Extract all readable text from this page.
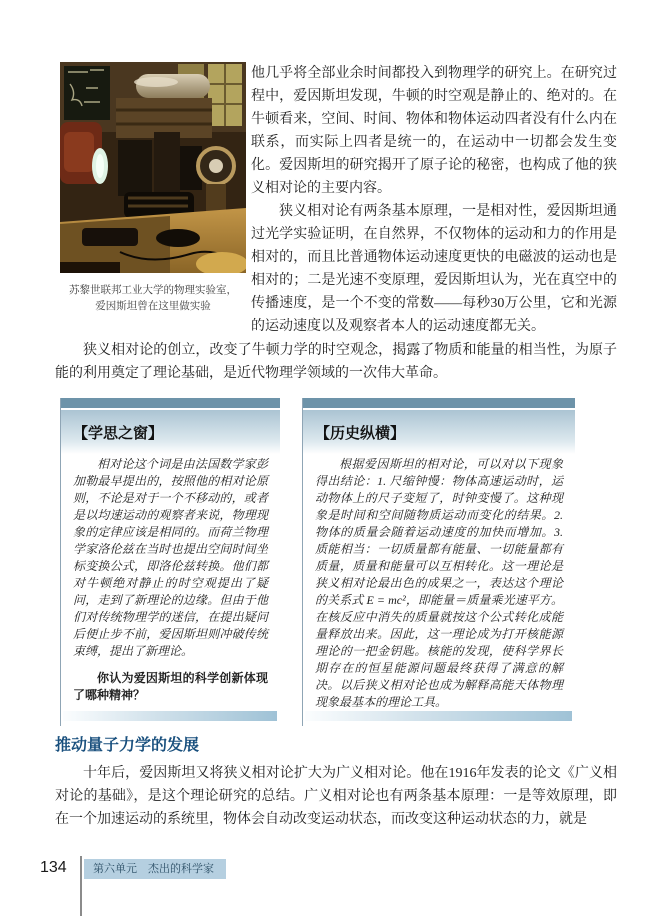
苏黎世联邦工业大学的物理实验室，
爱因斯坦曾在这里做实验

他几乎将全部业余时间都投入到物理学的研究上。在研究过程中，爱因斯坦发现，牛顿的时空观是静止的、绝对的。在牛顿看来，空间、时间、物体和物体运动四者没有什么内在联系，而实际上四者是统一的，在运动中一切都会发生变化。爱因斯坦的研究揭开了原子论的秘密，也构成了他的狭义相对论的主要内容。

狭义相对论有两条基本原理，一是相对性，爱因斯坦通过光学实验证明，在自然界，不仅物体的运动和力的作用是相对的，而且比普通物体运动速度更快的电磁波的运动也是相对的；二是光速不变原理，爱因斯坦认为，光在真空中的传播速度，是一个不变的常数——每秒30万公里，它和光源的运动速度以及观察者本人的运动速度都无关。

狭义相对论的创立，改变了牛顿力学的时空观念，揭露了物质和能量的相当性，为原子能的利用奠定了理论基础，是近代物理学领域的一次伟大革命。

【学思之窗】

相对论这个词是由法国数学家彭加勒最早提出的，按照他的相对论原则，不论是对于一个不移动的，或者是以均速运动的观察者来说，物理现象的定律应该是相同的。而荷兰物理学家洛伦兹在当时也提出空间时间坐标变换公式，即洛伦兹转换。他们都对牛顿绝对静止的时空观提出了疑问，走到了新理论的边缘。但由于他们对传统物理学的迷信，在提出疑问后便止步不前，爱因斯坦则冲破传统束缚，提出了新理论。

你认为爱因斯坦的科学创新体现了哪种精神？

【历史纵横】

根据爱因斯坦的相对论，可以对以下现象得出结论：1. 尺缩钟慢：物体高速运动时，运动物体上的尺子变短了，时钟变慢了。这种现象是时间和空间随物质运动而变化的结果。2. 物体的质量会随着运动速度的加快而增加。3. 质能相当：一切质量都有能量、一切能量都有质量，质量和能量可以互相转化。这一理论是狭义相对论最出色的成果之一，表达这个理论的关系式 E = mc²，即能量＝质量乘光速平方。在核反应中消失的质量就按这个公式转化成能量释放出来。因此，这一理论成为打开核能源理论的一把金钥匙。核能的发现，使科学界长期存在的恒星能源问题最终获得了满意的解决。以后狭义相对论也成为解释高能天体物理现象最基本的理论工具。

推动量子力学的发展

十年后，爱因斯坦又将狭义相对论扩大为广义相对论。他在1916年发表的论文《广义相对论的基础》，是这个理论研究的总结。广义相对论也有两条基本原理：一是等效原理，即在一个加速运动的系统里，物体会自动改变运动状态，而改变这种运动状态的力，就是

134	第六单元　杰出的科学家
